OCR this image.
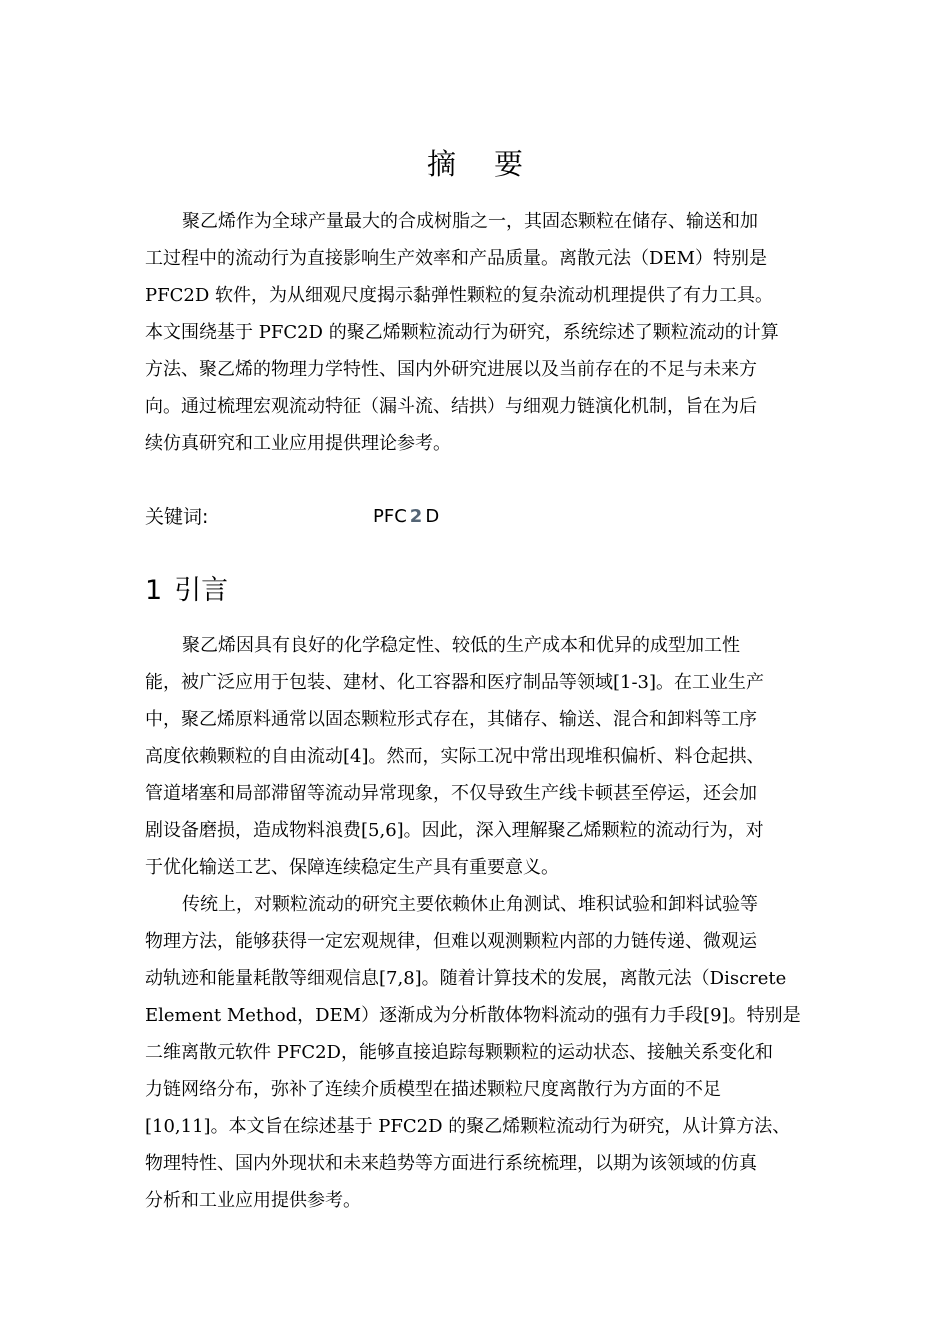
摘要
聚乙烯作为全球产量最大的合成树脂之一，其固态颗粒在储存、输送和加
工过程中的流动行为直接影响生产效率和产品质量。离散元法（DEM）特别是
PFC2D 软件，为从细观尺度揭示黏弹性颗粒的复杂流动机理提供了有力工具。
本文围绕基于 PFC2D 的聚乙烯颗粒流动行为研究，系统综述了颗粒流动的计算
方法、聚乙烯的物理力学特性、国内外研究进展以及当前存在的不足与未来方
向。通过梳理宏观流动特征（漏斗流、结拱）与细观力链演化机制，旨在为后
续仿真研究和工业应用提供理论参考。
关键词:	PFC 2 D
1 引言
聚乙烯因具有良好的化学稳定性、较低的生产成本和优异的成型加工性
能，被广泛应用于包装、建材、化工容器和医疗制品等领域[1-3]。在工业生产
中，聚乙烯原料通常以固态颗粒形式存在，其储存、输送、混合和卸料等工序
高度依赖颗粒的自由流动[4]。然而，实际工况中常出现堆积偏析、料仓起拱、
管道堵塞和局部滞留等流动异常现象，不仅导致生产线卡顿甚至停运，还会加
剧设备磨损，造成物料浪费[5,6]。因此，深入理解聚乙烯颗粒的流动行为，对
于优化输送工艺、保障连续稳定生产具有重要意义。
传统上，对颗粒流动的研究主要依赖休止角测试、堆积试验和卸料试验等
物理方法，能够获得一定宏观规律，但难以观测颗粒内部的力链传递、微观运
动轨迹和能量耗散等细观信息[7,8]。随着计算技术的发展，离散元法（Discrete
Element Method，DEM）逐渐成为分析散体物料流动的强有力手段[9]。特别是
二维离散元软件 PFC2D，能够直接追踪每颗颗粒的运动状态、接触关系变化和
力链网络分布，弥补了连续介质模型在描述颗粒尺度离散行为方面的不足
[10,11]。本文旨在综述基于 PFC2D 的聚乙烯颗粒流动行为研究，从计算方法、
物理特性、国内外现状和未来趋势等方面进行系统梳理，以期为该领域的仿真
分析和工业应用提供参考。
